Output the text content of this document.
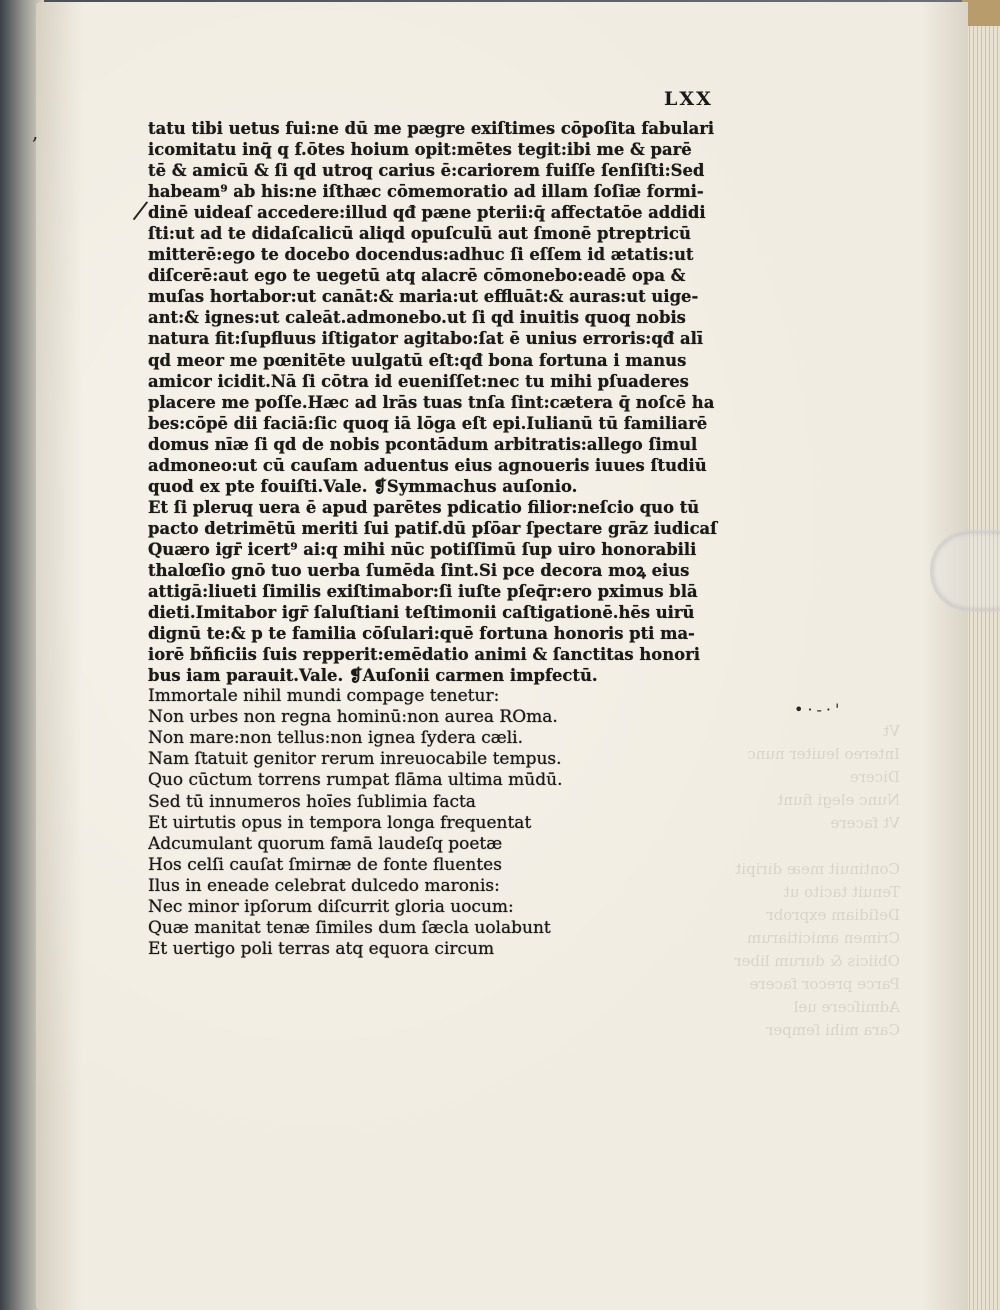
Vt
Intereo leuiter nunc
Dicere
Nunc elegi fiunt
Vt facere
Continuit meæ diripit
Tenuit tacito ut
Deſidiam exprobr
Crimen amicitiarum
Obiicis & durum liber
Parce precor facere
Admiſcere uel
Cara mihi ſemper

LXX

tatu tibi uetus fui:ne dū me pægre exiſtimes cōpoſita fabulari
icomitatu inq̄ q f.ōtes hoium opit:mētes tegit:ibi me & parē
tē & amicū & ſi qd utroq carius ē:cariorem fuiſſe ſenſiſti:Sed
habeam⁹ ab his:ne iſthæc cōmemoratio ad illam ſoſiæ formi-
dinē uideaſ accedere:illud qđ pæne pterii:q̄ affectatōe addidi
ſti:ut ad te didaſcalicū aliqd opuſculū aut ſmonē ptreptricū
mitterē:ego te docebo docendus:adhuc ſi eſſem id ætatis:ut
diſcerē:aut ego te uegetū atq alacrē cōmonebo:eadē opa &
muſas hortabor:ut canāt:& maria:ut effluāt:& auras:ut uige-
ant:& ignes:ut caleāt.admonebo.ut ſi qd inuitis quoq nobis
natura fit:ſupfluus iſtigator agitabo:ſat ē unius erroris:qđ alī
qd meor me pœnitēte uulgatū eſt:qđ bona fortuna i manus
amicor icidit.Nā ſi cōtra id eueniſſet:nec tu mihi pſuaderes
placere me poſſe.Hæc ad lrās tuas tnſa ſint:cætera q̄ noſcē ha
bes:cōpē dii faciā:ſic quoq iā lōga eſt epi.Iulianū tū familiarē
domus nīæ ſi qd de nobis pcontādum arbitratis:allego ſimul
admoneo:ut cū cauſam aduentus eius agnoueris iuues ſtudiū
quod ex pte fouiſti.Vale. ❡Symmachus auſonio.
Et ſi pleruq uera ē apud parētes pdicatio filior:neſcio quo tū
pacto detrimētū meriti ſui patif.dū pſōar ſpectare grāz iudicaſ
Quæro igr̄ icert⁹ ai:q mihi nūc potiſſimū ſup uiro honorabili
thalœſio gnō tuo uerba ſumēda ſint.Si pce decora moꝝ eius
attigā:liueti ſimilis exiſtimabor:ſi iuſte pſeq̄r:ero pximus blā
dieti.Imitabor igr̄ ſaluſtiani teſtimonii caſtigationē.hēs uirū
dignū te:& p te familia cōſulari:quē fortuna honoris pti ma-
iorē bñficiis ſuis repperit:emēdatio animi & ſanctitas honori
bus iam parauit.Vale. ❡Auſonii carmen impfectū.
Immortale nihil mundi compage tenetur:
Non urbes non regna hominū:non aurea ROma.
Non mare:non tellus:non ignea ſydera cæli.
Nam ſtatuit genitor rerum inreuocabile tempus.
Quo cūctum torrens rumpat flāma ultima mūdū.
Sed tū innumeros hoīes ſublimia facta
Et uirtutis opus in tempora longa frequentat
Adcumulant quorum famā laudeſq poetæ
Hos celſi cauſat ſmirnæ de fonte fluentes
Ilus in eneade celebrat dulcedo maronis:
Nec minor ipſorum diſcurrit gloria uocum:
Quæ manitat tenæ ſimiles dum ſæcla uolabunt
Et uertigo poli terras atq equora circum
,
/
•·-·'
